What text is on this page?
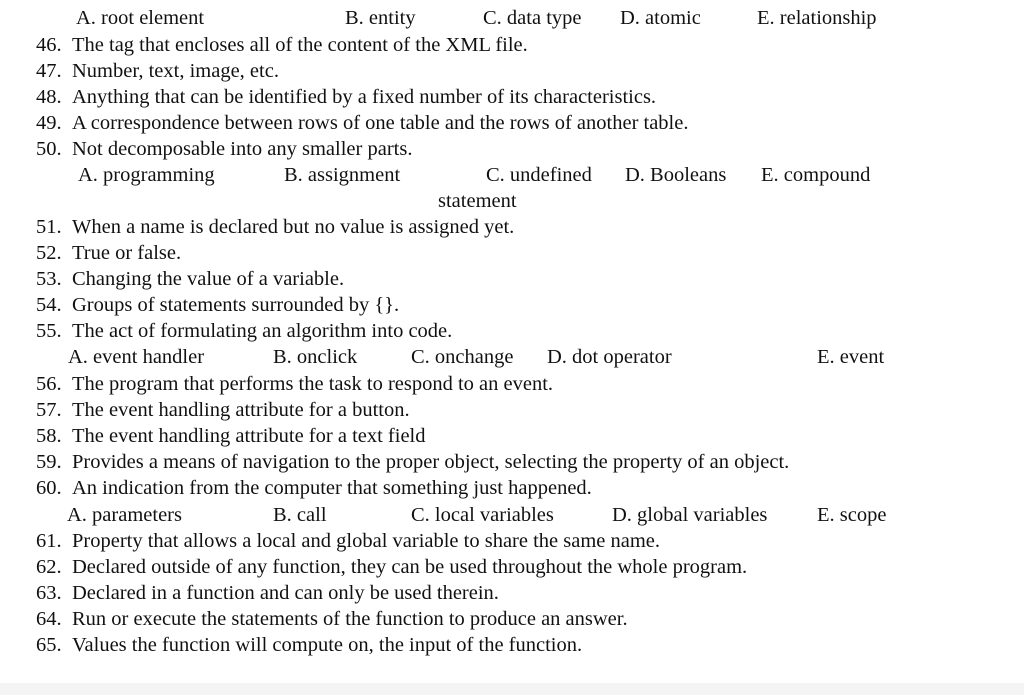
A. root element	B. entity	C. data type D. atomic	E. relationship
46. The tag that encloses all of the content of the XML file.
47. Number, text, image, etc.
48. Anything that can be identified by a fixed number of its characteristics.
49. A correspondence between rows of one table and the rows of another table.
50. Not decomposable into any smaller parts.
A. programming	B. assignment	C. undefined D. Booleans E. compound
statement
51. When a name is declared but no value is assigned yet.
52. True or false.
53. Changing the value of a variable.
54. Groups of statements surrounded by {}.
55. The act of formulating an algorithm into code.
A. event handler	B. onclick	C. onchange D. dot operator	E. event
56. The program that performs the task to respond to an event.
57. The event handling attribute for a button.
58. The event handling attribute for a text field
59. Provides a means of navigation to the proper object, selecting the property of an object.
60. An indication from the computer that something just happened.
A. parameters	B. call	C. local variables	D. global variables E. scope
61. Property that allows a local and global variable to share the same name.
62. Declared outside of any function, they can be used throughout the whole program.
63. Declared in a function and can only be used therein.
64. Run or execute the statements of the function to produce an answer.
65. Values the function will compute on, the input of the function.
